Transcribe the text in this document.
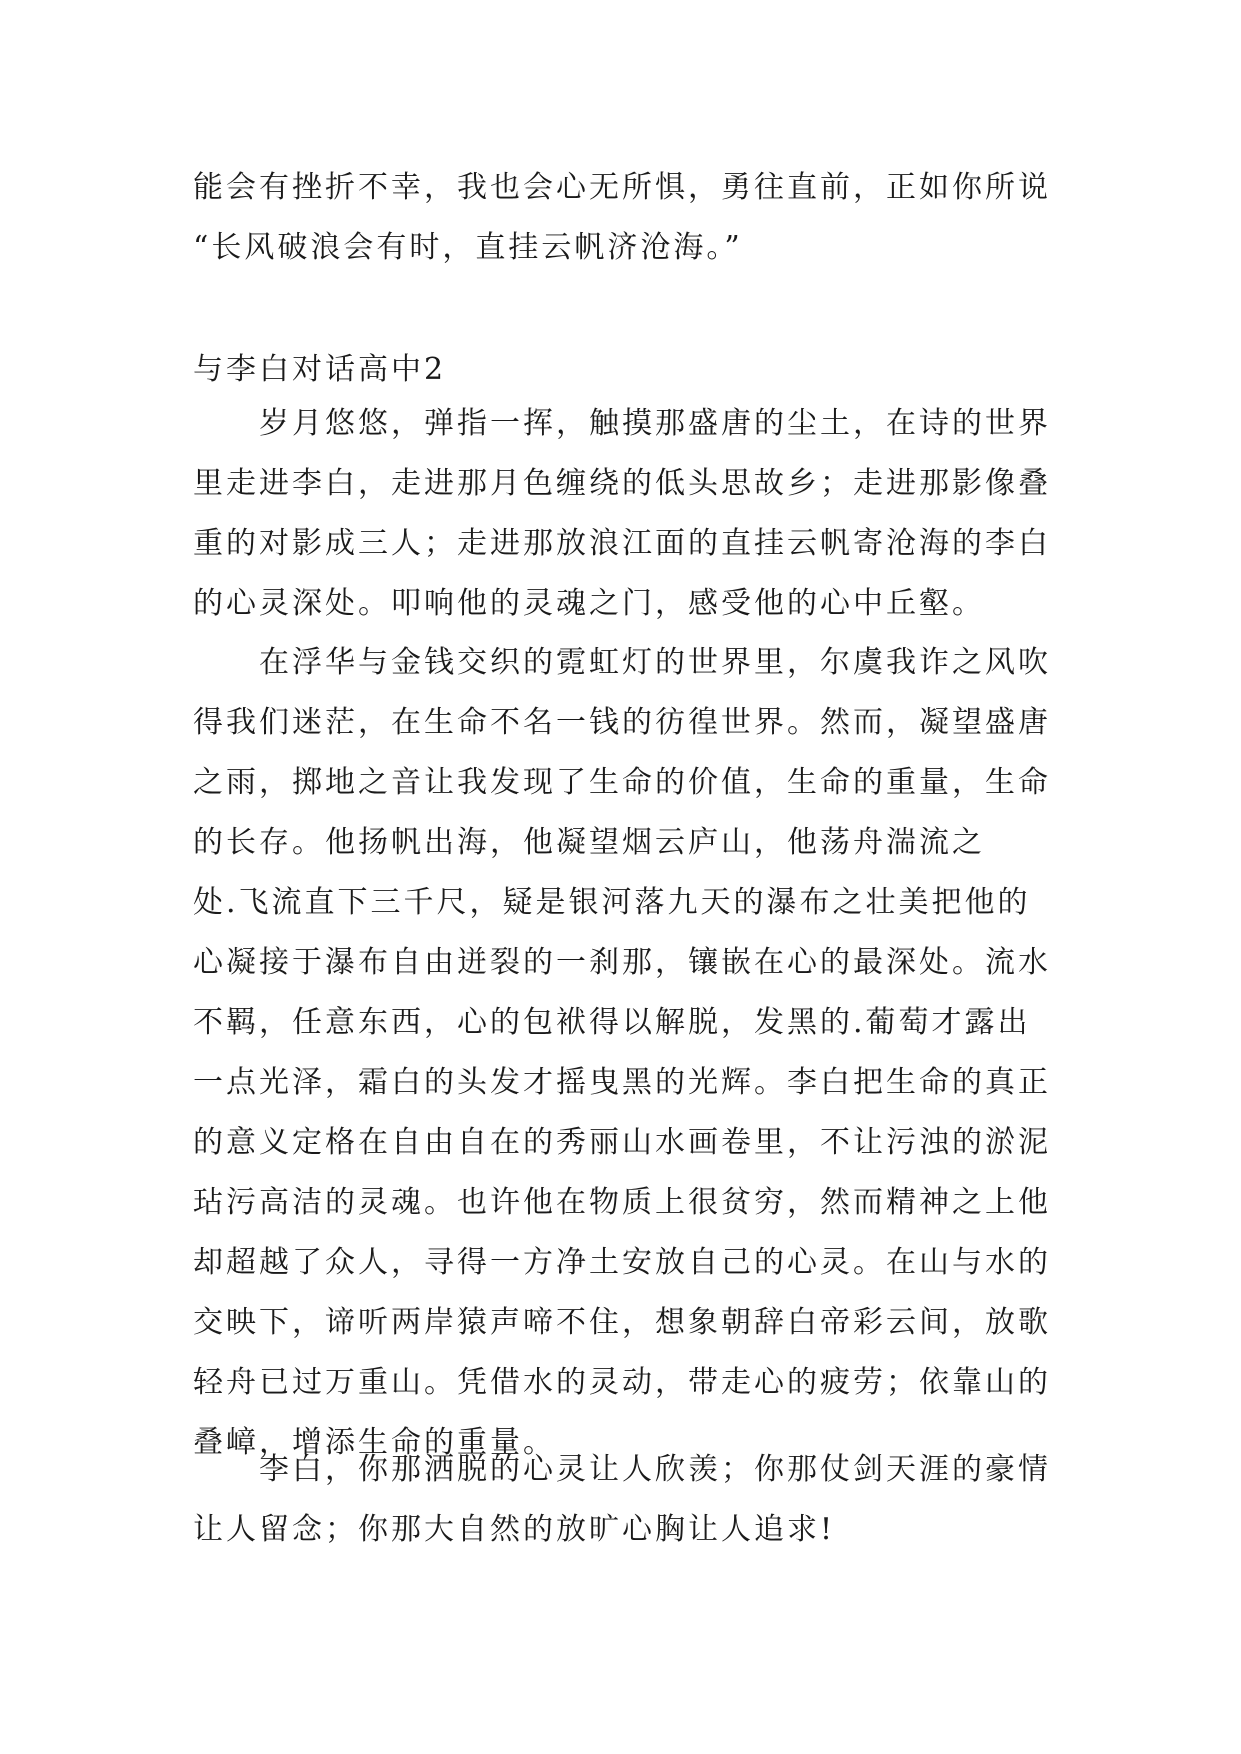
能会有挫折不幸，我也会心无所惧，勇往直前，正如你所说
“长风破浪会有时，直挂云帆济沧海。”
与李白对话高中2
岁月悠悠，弹指一挥，触摸那盛唐的尘土，在诗的世界
里走进李白，走进那月色缠绕的低头思故乡；走进那影像叠
重的对影成三人；走进那放浪江面的直挂云帆寄沧海的李白
的心灵深处。叩响他的灵魂之门，感受他的心中丘壑。
在浮华与金钱交织的霓虹灯的世界里，尔虞我诈之风吹
得我们迷茫，在生命不名一钱的彷徨世界。然而，凝望盛唐
之雨，掷地之音让我发现了生命的价值，生命的重量，生命
的长存。他扬帆出海，他凝望烟云庐山，他荡舟湍流之
处.飞流直下三千尺，疑是银河落九天的瀑布之壮美把他的
心凝接于瀑布自由迸裂的一刹那，镶嵌在心的最深处。流水
不羁，任意东西，心的包袱得以解脱，发黑的.葡萄才露出
一点光泽，霜白的头发才摇曳黑的光辉。李白把生命的真正
的意义定格在自由自在的秀丽山水画卷里，不让污浊的淤泥
玷污高洁的灵魂。也许他在物质上很贫穷，然而精神之上他
却超越了众人，寻得一方净土安放自己的心灵。在山与水的
交映下，谛听两岸猿声啼不住，想象朝辞白帝彩云间，放歌
轻舟已过万重山。凭借水的灵动，带走心的疲劳；依靠山的
叠嶂，增添生命的重量。
李白，你那洒脱的心灵让人欣羡；你那仗剑天涯的豪情
让人留念；你那大自然的放旷心胸让人追求!
